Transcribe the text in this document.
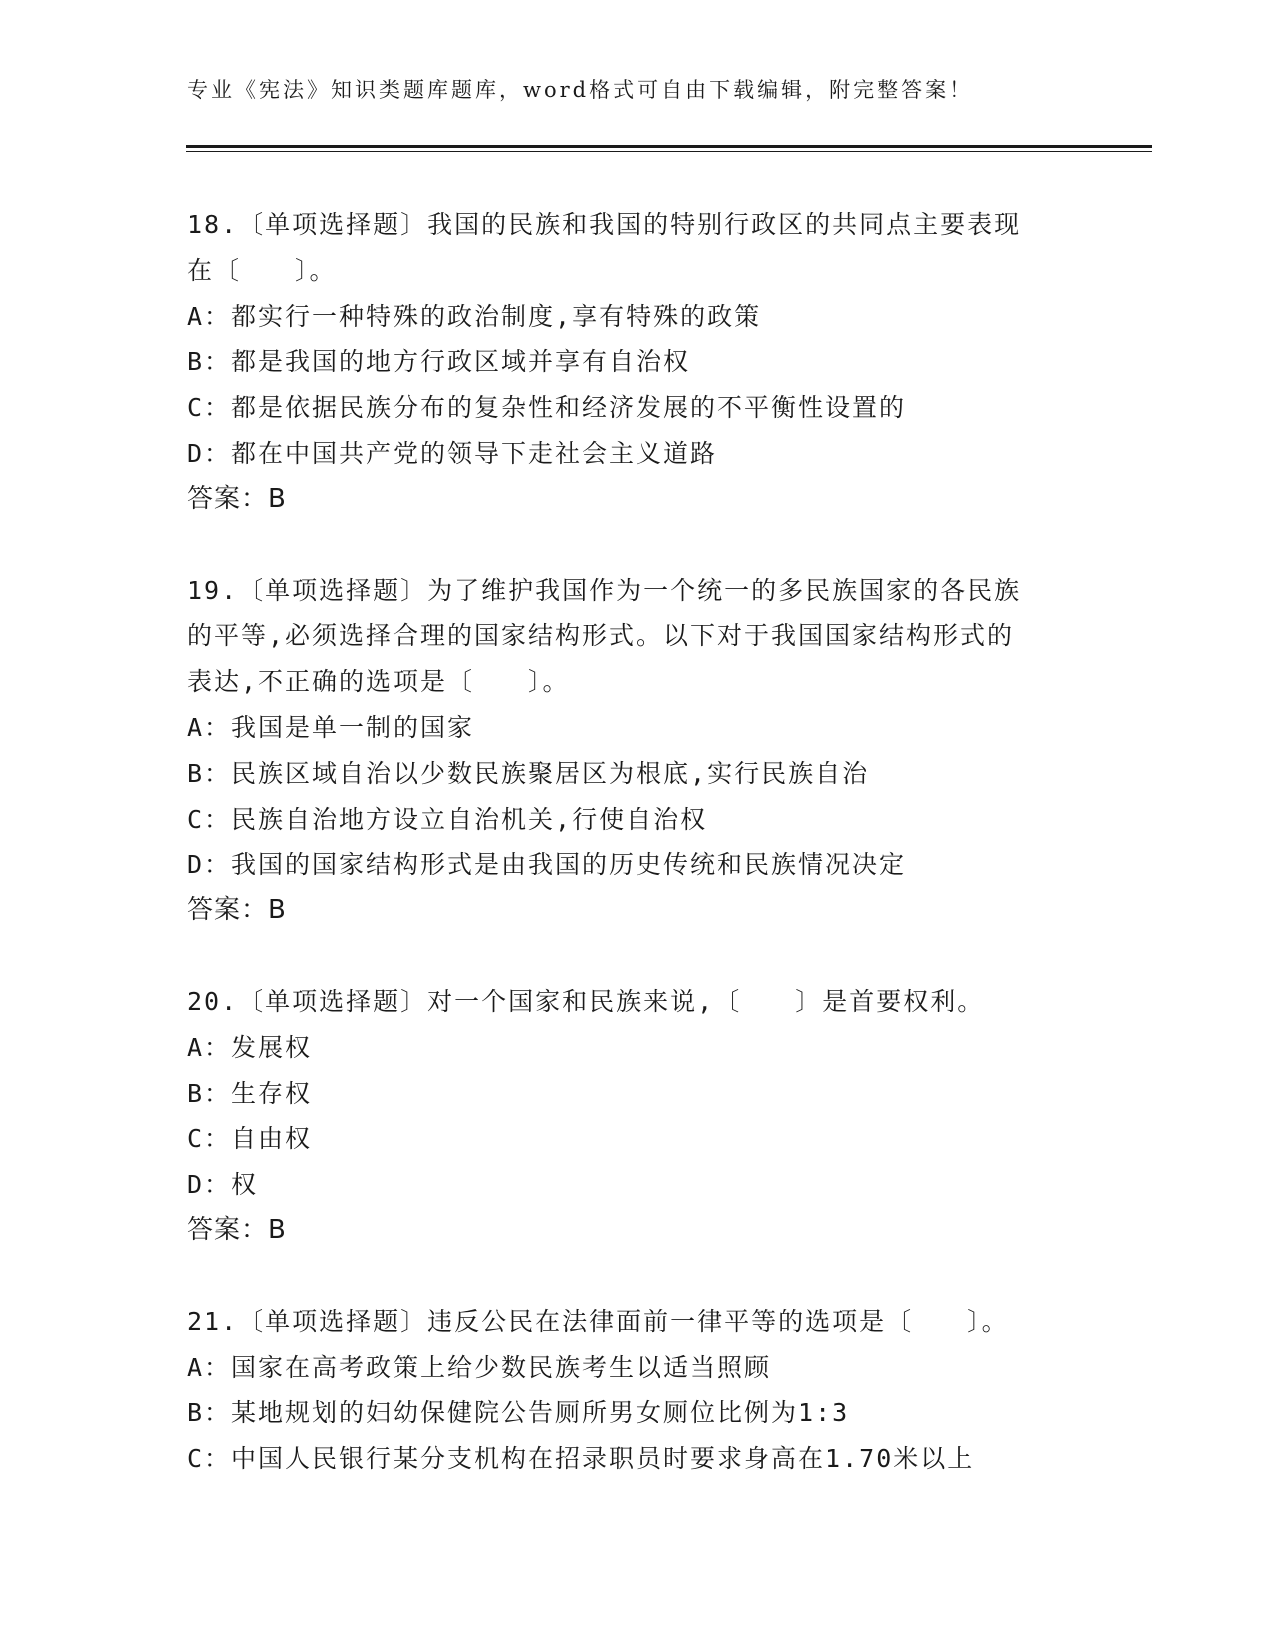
专业《宪法》知识类题库题库，word格式可自由下载编辑，附完整答案！
18.〔单项选择题〕我国的民族和我国的特别行政区的共同点主要表现
在〔　　〕。
A：都实行一种特殊的政治制度,享有特殊的政策
B：都是我国的地方行政区域并享有自治权
C：都是依据民族分布的复杂性和经济发展的不平衡性设置的
D：都在中国共产党的领导下走社会主义道路
答案：B
19.〔单项选择题〕为了维护我国作为一个统一的多民族国家的各民族
的平等,必须选择合理的国家结构形式。以下对于我国国家结构形式的
表达,不正确的选项是〔　　〕。
A：我国是单一制的国家
B：民族区域自治以少数民族聚居区为根底,实行民族自治
C：民族自治地方设立自治机关,行使自治权
D：我国的国家结构形式是由我国的历史传统和民族情况决定
答案：B
20.〔单项选择题〕对一个国家和民族来说,〔　　〕是首要权利。
A：发展权
B：生存权
C：自由权
D：权
答案：B
21.〔单项选择题〕违反公民在法律面前一律平等的选项是〔　　〕。
A：国家在高考政策上给少数民族考生以适当照顾
B：某地规划的妇幼保健院公告厕所男女厕位比例为1:3
C：中国人民银行某分支机构在招录职员时要求身高在1.70米以上
